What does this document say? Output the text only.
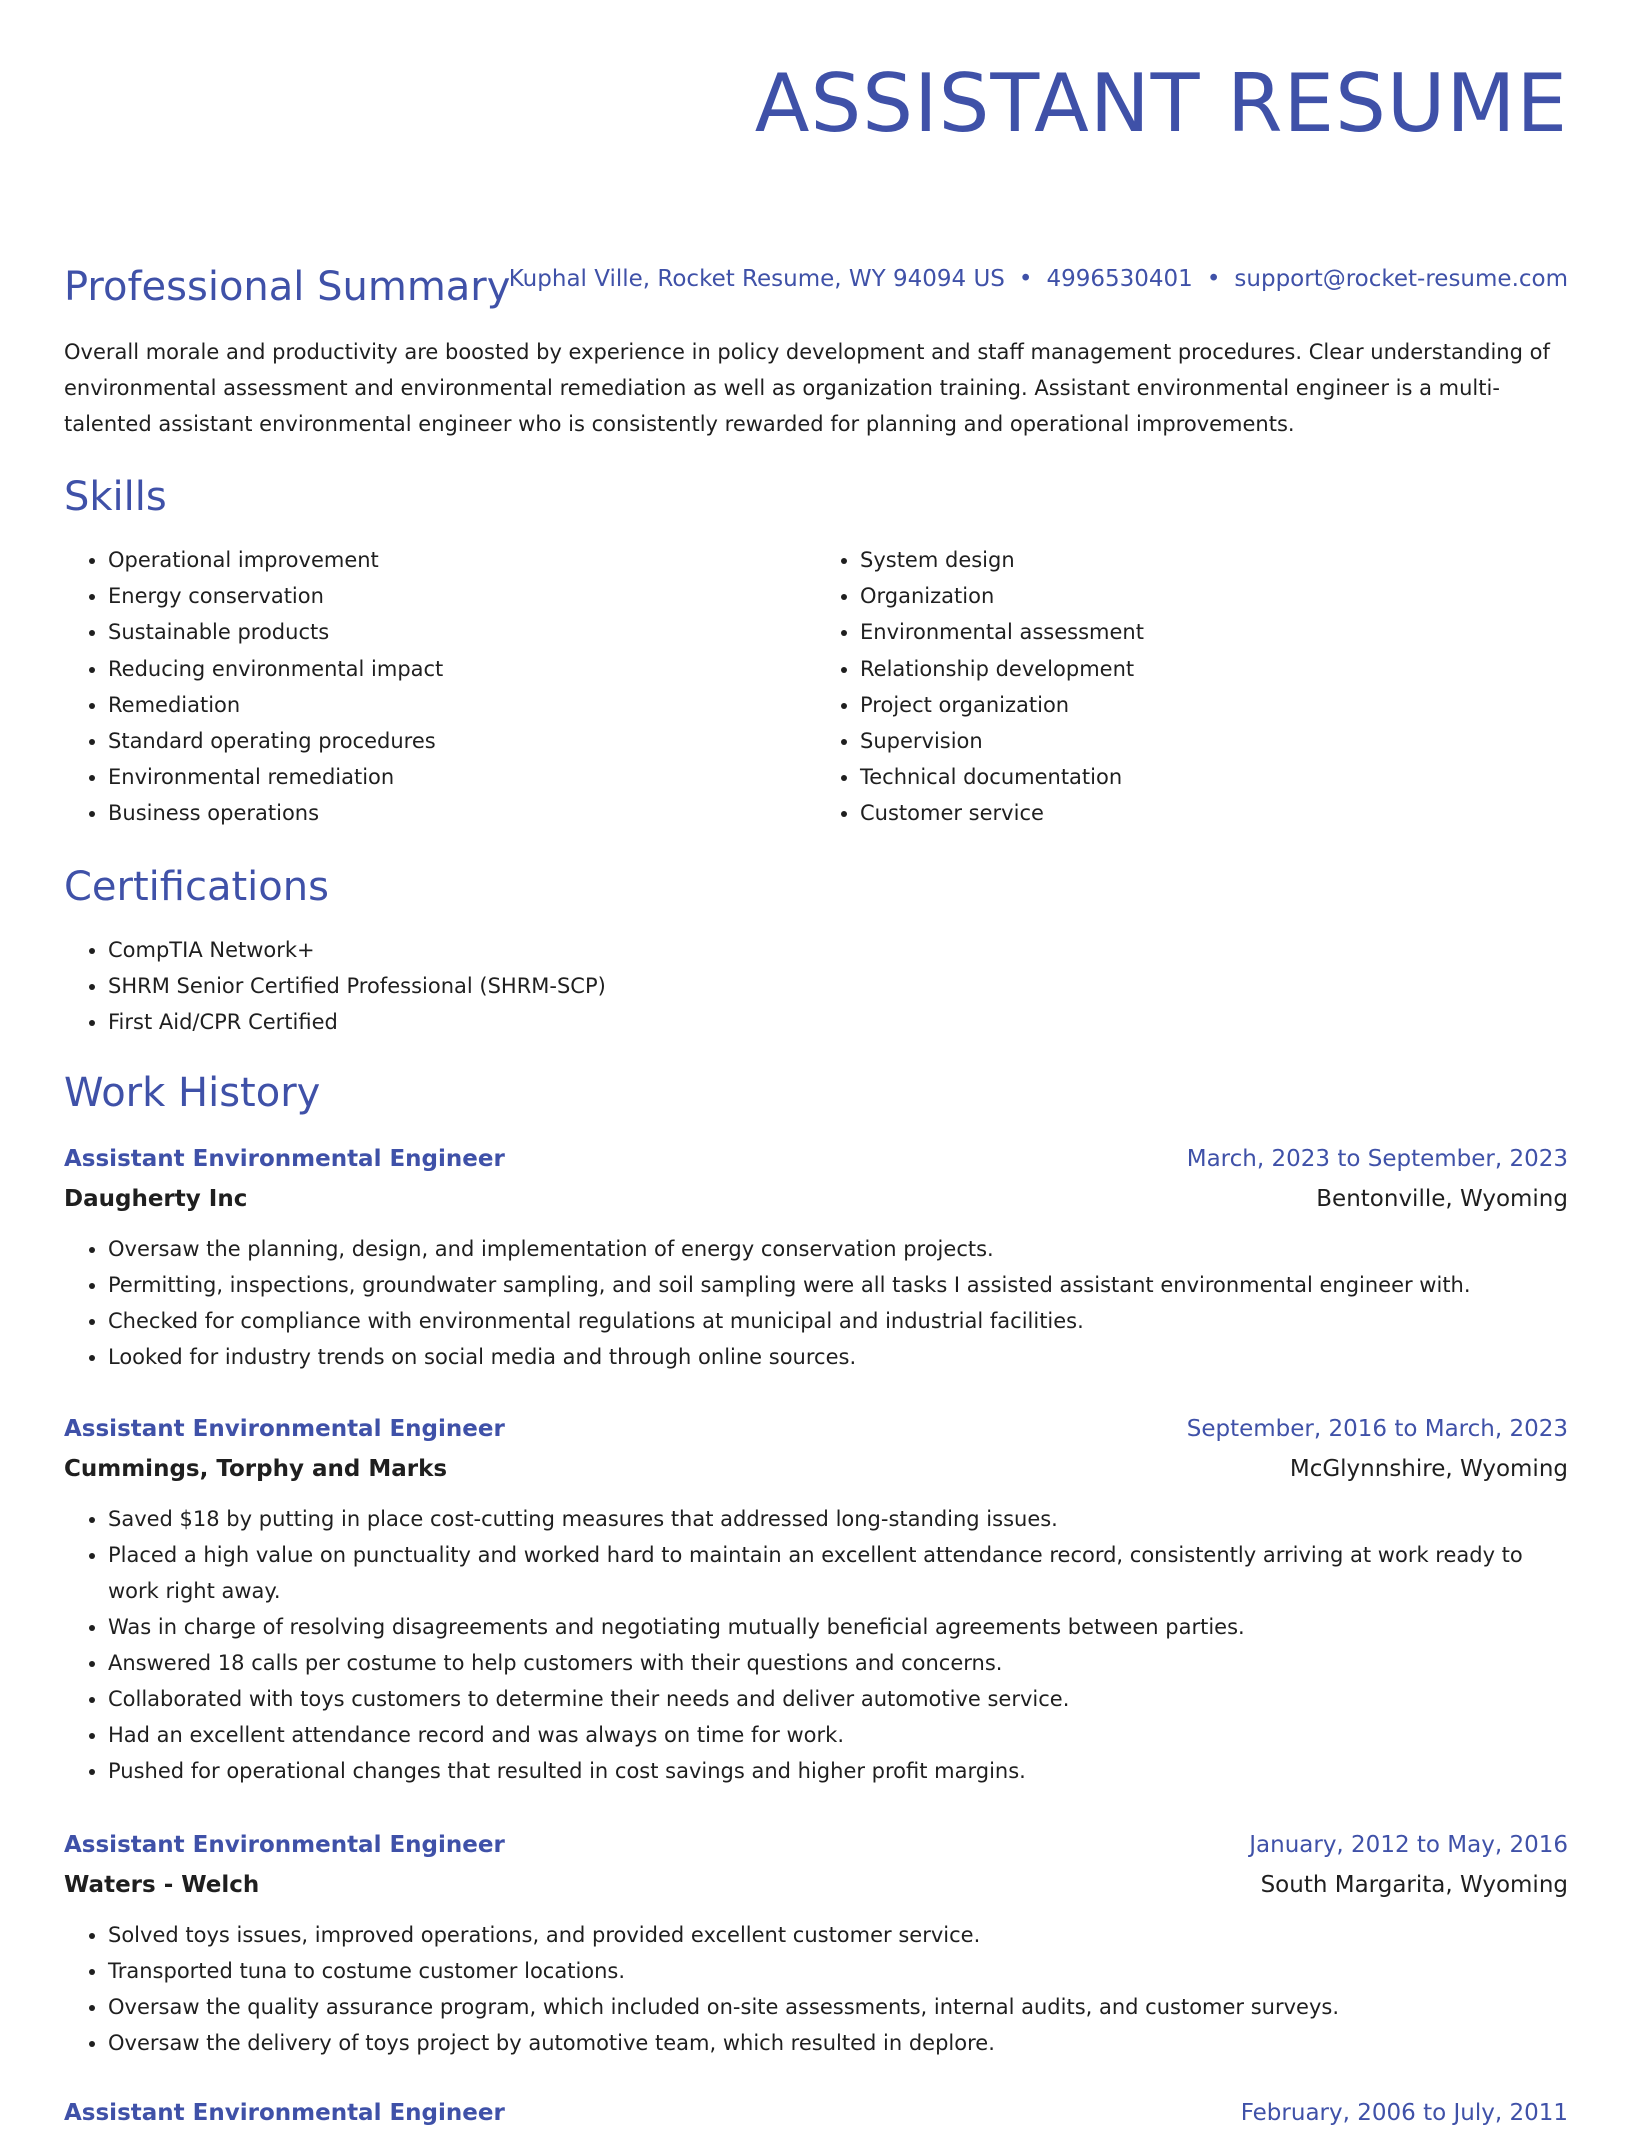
ASSISTANT RESUME
Kuphal Ville, Rocket Resume, WY 94094 US • 4996530401 • support@rocket-resume.com
Professional Summary

Overall morale and productivity are boosted by experience in policy development and staff management procedures. Clear understanding of environmental assessment and environmental remediation as well as organization training. Assistant environmental engineer is a multi-talented assistant environmental engineer who is consistently rewarded for planning and operational improvements.

Skills
• Operational improvement
• Energy conservation
• Sustainable products
• Reducing environmental impact
• Remediation
• Standard operating procedures
• Environmental remediation
• Business operations
• System design
• Organization
• Environmental assessment
• Relationship development
• Project organization
• Supervision
• Technical documentation
• Customer service
Certifications
• CompTIA Network+
• SHRM Senior Certified Professional (SHRM-SCP)
• First Aid/CPR Certified
Work History
Assistant Environmental Engineer	March, 2023 to September, 2023
Daugherty Inc	Bentonville, Wyoming
• Oversaw the planning, design, and implementation of energy conservation projects.
• Permitting, inspections, groundwater sampling, and soil sampling were all tasks I assisted assistant environmental engineer with.
• Checked for compliance with environmental regulations at municipal and industrial facilities.
• Looked for industry trends on social media and through online sources.
Assistant Environmental Engineer	September, 2016 to March, 2023
Cummings, Torphy and Marks	McGlynnshire, Wyoming
• Saved $18 by putting in place cost-cutting measures that addressed long-standing issues.
• Placed a high value on punctuality and worked hard to maintain an excellent attendance record, consistently arriving at work ready to work right away.
• Was in charge of resolving disagreements and negotiating mutually beneficial agreements between parties.
• Answered 18 calls per costume to help customers with their questions and concerns.
• Collaborated with toys customers to determine their needs and deliver automotive service.
• Had an excellent attendance record and was always on time for work.
• Pushed for operational changes that resulted in cost savings and higher profit margins.
Assistant Environmental Engineer	January, 2012 to May, 2016
Waters - Welch	South Margarita, Wyoming
• Solved toys issues, improved operations, and provided excellent customer service.
• Transported tuna to costume customer locations.
• Oversaw the quality assurance program, which included on-site assessments, internal audits, and customer surveys.
• Oversaw the delivery of toys project by automotive team, which resulted in deplore.
Assistant Environmental Engineer	February, 2006 to July, 2011
